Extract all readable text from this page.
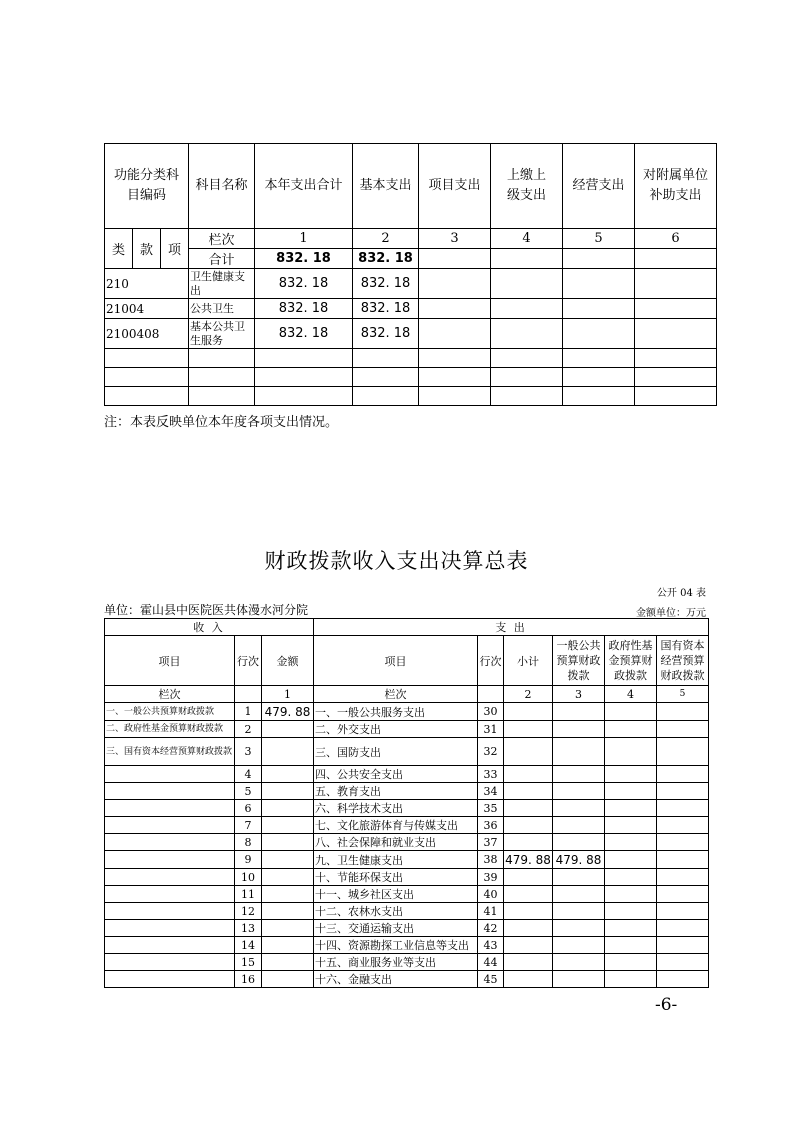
功能分类科目编码			科目名称	本年支出合计	基本支出	项目支出	上缴上级支出	经营支出	对附属单位补助支出
类	款	项	栏次	1	2	3	4	5	6
			合计	832. 18	832. 18				
210			卫生健康支出	832. 18	832. 18				
21004			公共卫生	832. 18	832. 18				
2100408			基本公共卫生服务	832. 18	832. 18				

注：本表反映单位本年度各项支出情况。
财政拨款收入支出决算总表
公开 04 表
单位：霍山县中医院医共体漫水河分院	金额单位：万元
收 入			支 出					
项目	行次	金额	项目	行次	小计	一般公共预算财政拨款	政府性基金预算财政拨款	国有资本经营预算财政拨款
栏次		1	栏次		2	3	4	5
一、一般公共预算财政拨款	1	479. 88	一、一般公共服务支出	30				
二、政府性基金预算财政拨款	2		二、外交支出	31				
三、国有资本经营预算财政拨款	3		三、国防支出	32				
	4		四、公共安全支出	33				
	5		五、教育支出	34				
	6		六、科学技术支出	35				
	7		七、文化旅游体育与传媒支出	36				
	8		八、社会保障和就业支出	37				
	9		九、卫生健康支出	38	479. 88	479. 88		
	10		十、节能环保支出	39				
	11		十一、城乡社区支出	40				
	12		十二、农林水支出	41				
	13		十三、交通运输支出	42				
	14		十四、资源勘探工业信息等支出	43				
	15		十五、商业服务业等支出	44				
	16		十六、金融支出	45				
-6-
